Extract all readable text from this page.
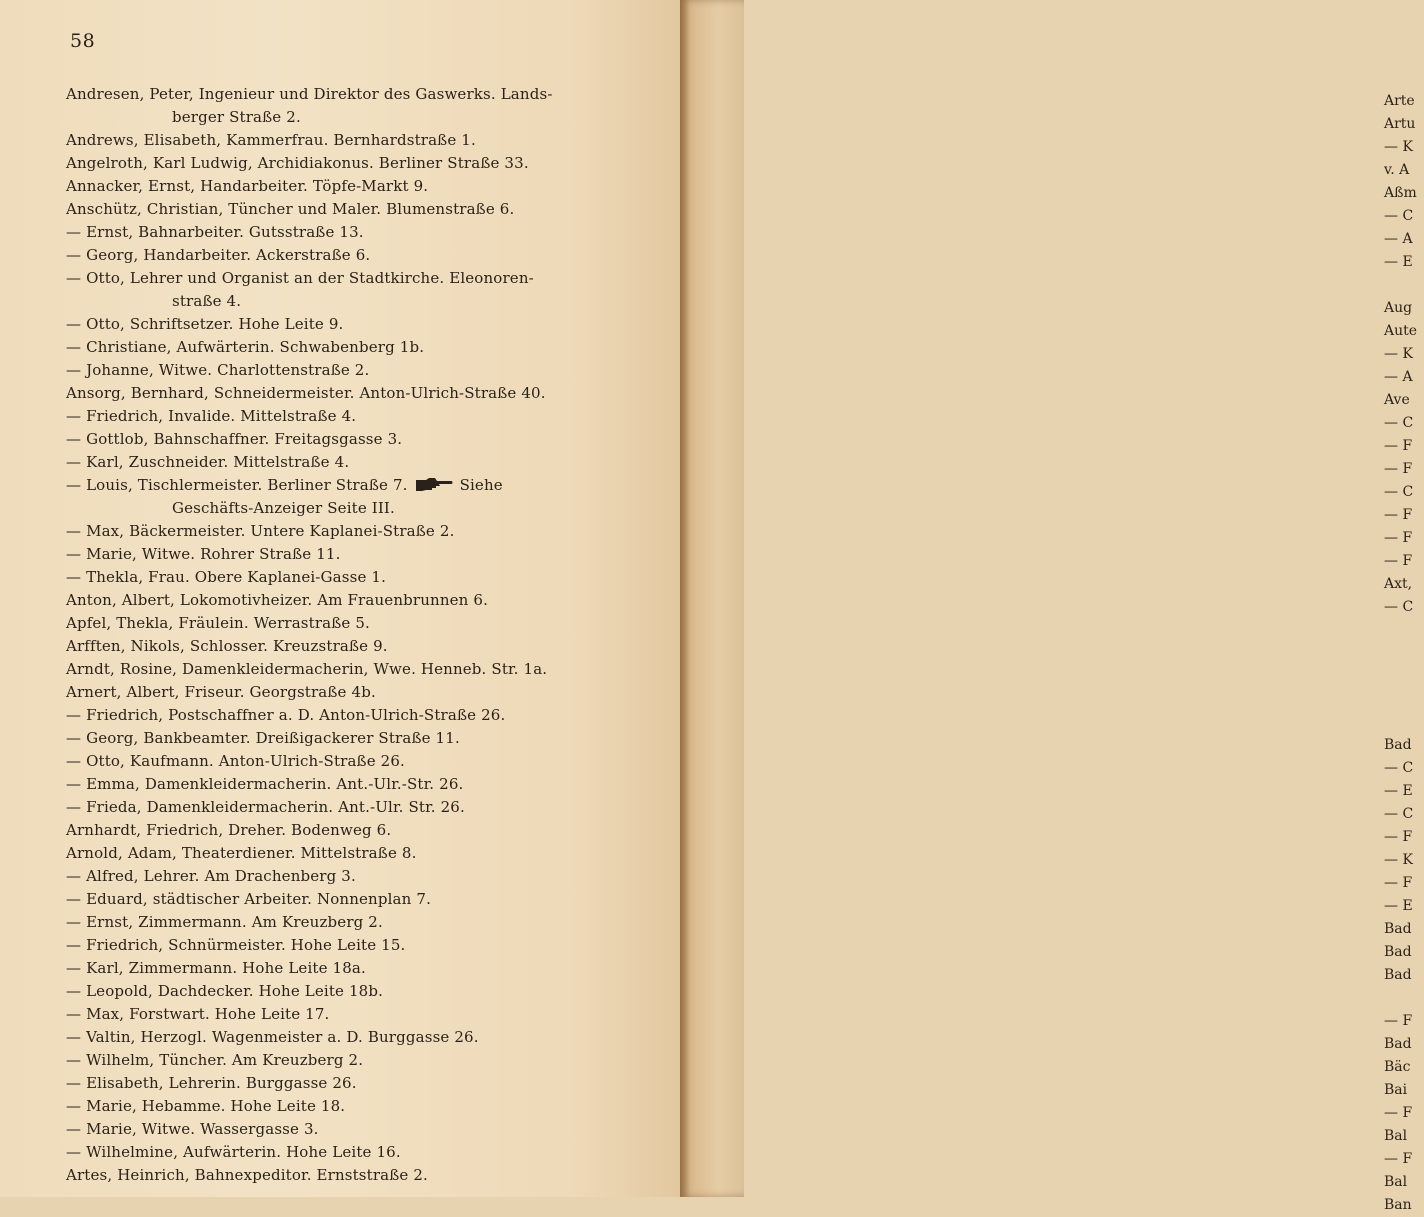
58
Andresen, Peter, Ingenieur und Direktor des Gaswerks. Lands-
berger Straße 2.
Andrews, Elisabeth, Kammerfrau. Bernhardstraße 1.
Angelroth, Karl Ludwig, Archidiakonus. Berliner Straße 33.
Annacker, Ernst, Handarbeiter. Töpfe-Markt 9.
Anschütz, Christian, Tüncher und Maler. Blumenstraße 6.
— Ernst, Bahnarbeiter. Gutsstraße 13.
— Georg, Handarbeiter. Ackerstraße 6.
— Otto, Lehrer und Organist an der Stadtkirche. Eleonoren-
straße 4.
— Otto, Schriftsetzer. Hohe Leite 9.
— Christiane, Aufwärterin. Schwabenberg 1b.
— Johanne, Witwe. Charlottenstraße 2.
Ansorg, Bernhard, Schneidermeister. Anton-Ulrich-Straße 40.
— Friedrich, Invalide. Mittelstraße 4.
— Gottlob, Bahnschaffner. Freitagsgasse 3.
— Karl, Zuschneider. Mittelstraße 4.
— Louis, Tischlermeister. Berliner Straße 7.	Siehe
Geschäfts-Anzeiger Seite III.
— Max, Bäckermeister. Untere Kaplanei-Straße 2.
— Marie, Witwe. Rohrer Straße 11.
— Thekla, Frau. Obere Kaplanei-Gasse 1.
Anton, Albert, Lokomotivheizer. Am Frauenbrunnen 6.
Apfel, Thekla, Fräulein. Werrastraße 5.
Arfften, Nikols, Schlosser. Kreuzstraße 9.
Arndt, Rosine, Damenkleidermacherin, Wwe. Henneb. Str. 1a.
Arnert, Albert, Friseur. Georgstraße 4b.
— Friedrich, Postschaffner a. D. Anton-Ulrich-Straße 26.
— Georg, Bankbeamter. Dreißigackerer Straße 11.
— Otto, Kaufmann. Anton-Ulrich-Straße 26.
— Emma, Damenkleidermacherin. Ant.-Ulr.-Str. 26.
— Frieda, Damenkleidermacherin. Ant.-Ulr. Str. 26.
Arnhardt, Friedrich, Dreher. Bodenweg 6.
Arnold, Adam, Theaterdiener. Mittelstraße 8.
— Alfred, Lehrer. Am Drachenberg 3.
— Eduard, städtischer Arbeiter. Nonnenplan 7.
— Ernst, Zimmermann. Am Kreuzberg 2.
— Friedrich, Schnürmeister. Hohe Leite 15.
— Karl, Zimmermann. Hohe Leite 18a.
— Leopold, Dachdecker. Hohe Leite 18b.
— Max, Forstwart. Hohe Leite 17.
— Valtin, Herzogl. Wagenmeister a. D. Burggasse 26.
— Wilhelm, Tüncher. Am Kreuzberg 2.
— Elisabeth, Lehrerin. Burggasse 26.
— Marie, Hebamme. Hohe Leite 18.
— Marie, Witwe. Wassergasse 3.
— Wilhelmine, Aufwärterin. Hohe Leite 16.
Artes, Heinrich, Bahnexpeditor. Ernststraße 2.
Arte
Artu
— K
v. A
Aßm
— C
— A
— E
Aug
Aute
— K
— A
Ave
— C
— F
— F
— C
— F
— F
— F
Axt,
— C
Bad
— C
— E
— C
— F
— K
— F
— E
Bad
Bad
Bad
— F
Bad
Bäc
Bai
— F
Bal
— F
Bal
Ban
